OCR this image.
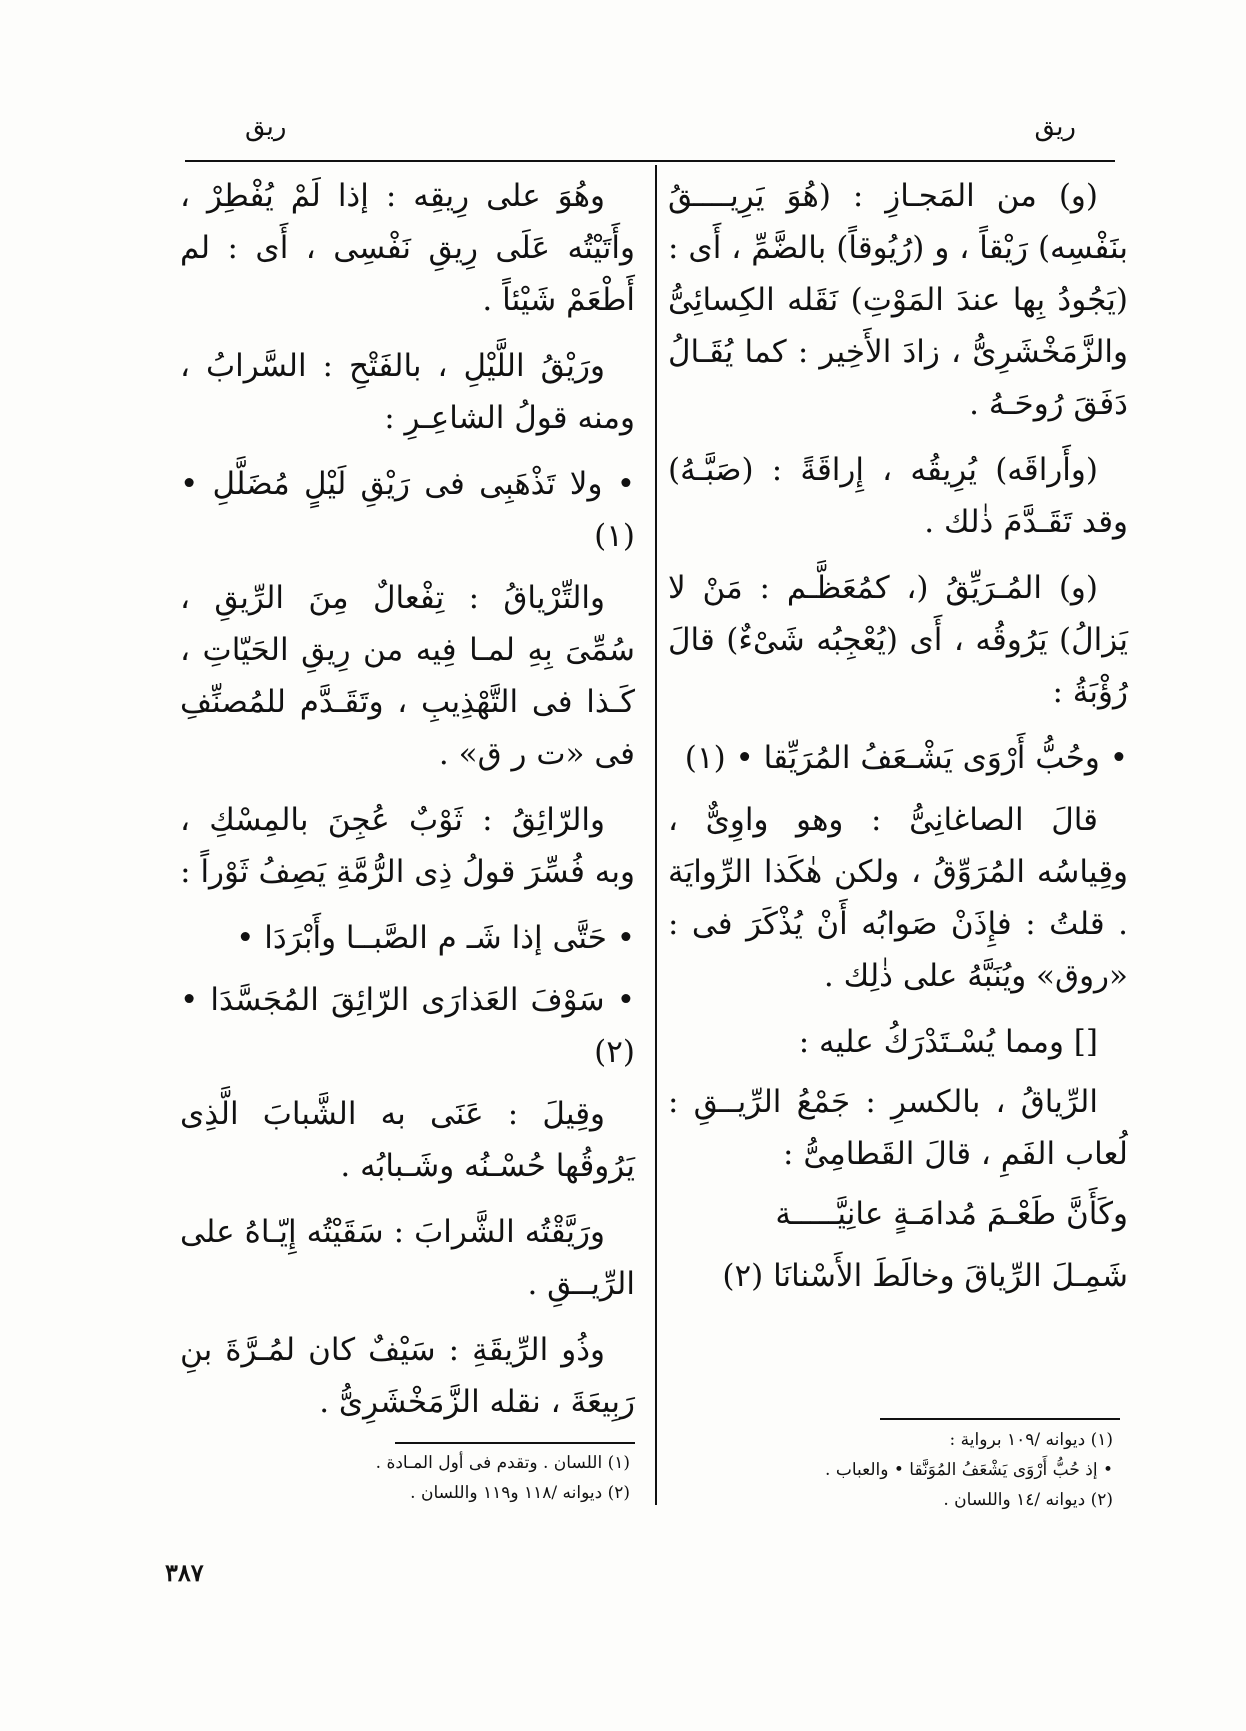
ريق
ريق

(و) من المَجـازِ : (هُوَ يَرِيــــقُ بنَفْسِه) رَيْقاً ، و (رُيُوقاً) بالضَّمِّ ، أَى : (يَجُودُ بِها عندَ المَوْتِ) نَقَله الكِسائِىُّ والزَّمَخْشَرِىُّ ، زادَ الأَخِير : كما يُقَـالُ دَفَقَ رُوحَـهُ .

(وأَراقَه) يُرِيقُه ، إِراقَةً : (صَبَّـهُ) وقد تَقَـدَّمَ ذٰلك .

(و) المُـرَيِّقُ (، كمُعَظَّـم : مَنْ لا يَزالُ) يَرُوقُه ، أَى (يُعْجِبُه شَىْءٌ) قالَ رُؤْبَةُ :

• وحُبُّ أَرْوَى يَشْـعَفُ المُرَيِّقا • (١)

قالَ الصاغانِىُّ : وهو واوِىٌّ ، وقِياسُه المُرَوِّقُ ، ولكن هٰكَذا الرِّوايَة . قلتُ : فإِذَنْ صَوابُه أَنْ يُذْكَرَ فى : «روق» ويُنَبَّهُ على ذٰلِك .

[] ومما يُسْـتَدْرَكُ عليه :

الرِّياقُ ، بالكسرِ : جَمْعُ الرِّيــقِ : لُعاب الفَمِ ، قالَ القَطامِىُّ :

وكَأَنَّ طَعْـمَ مُدامَـةٍ عانِيَّـــــة

شَمِـلَ الرِّياقَ وخالَطَ الأَسْنانَا (٢)

وهُوَ على رِيقِه : إذا لَمْ يُفْطِرْ ، وأَتَيْتُه عَلَى رِيقِ نَفْسِى ، أَى : لم أَطْعَمْ شَيْئاً .

ورَيْقُ اللَّيْلِ ، بالفَتْحِ : السَّرابُ ، ومنه قولُ الشاعِـرِ :

• ولا تَذْهَبِى فى رَيْقِ لَيْلٍ مُضَلَّلِ • (١)

والتِّرْياقُ : تِفْعالٌ مِنَ الرِّيقِ ، سُمِّىَ بِهِ لمـا فِيه من رِيقِ الحَيّاتِ ، كَـذا فى التَّهْذِيبِ ، وتَقَـدَّم للمُصنِّفِ فى «ت ر ق» .

والرّائِقُ : ثَوْبٌ عُجِنَ بالمِسْكِ ، وبه فُسِّرَ قولُ ذِى الرُّمَّةِ يَصِفُ ثَوْراً :

• حَتَّى إذا شَـ م الصَّبــا وأَبْرَدَا •

• سَوْفَ العَذارَى الرّائِقَ المُجَسَّدَا • (٢)

وقِيلَ : عَنَى به الشَّبابَ الَّذِى يَرُوقُها حُسْـنُه وشَـبابُه .

ورَيَّقْتُه الشَّرابَ : سَقَيْتُه إِيّـاهُ على الرِّيــقِ .

وذُو الرِّيقَةِ : سَيْفٌ كان لمُـرَّةَ بنِ رَبِيعَةَ ، نقله الزَّمَخْشَرِىُّ .

(١) ديوانه /١٠٩ برواية :

• إذ حُبُّ أَرْوَى يَشْعَفُ المُوَنَّقا • والعباب .

(٢) ديوانه /١٤ واللسان .

(١) اللسان . وتقدم فى أول المـادة .

(٢) ديوانه /١١٨ و١١٩ واللسان .

٣٨٧
